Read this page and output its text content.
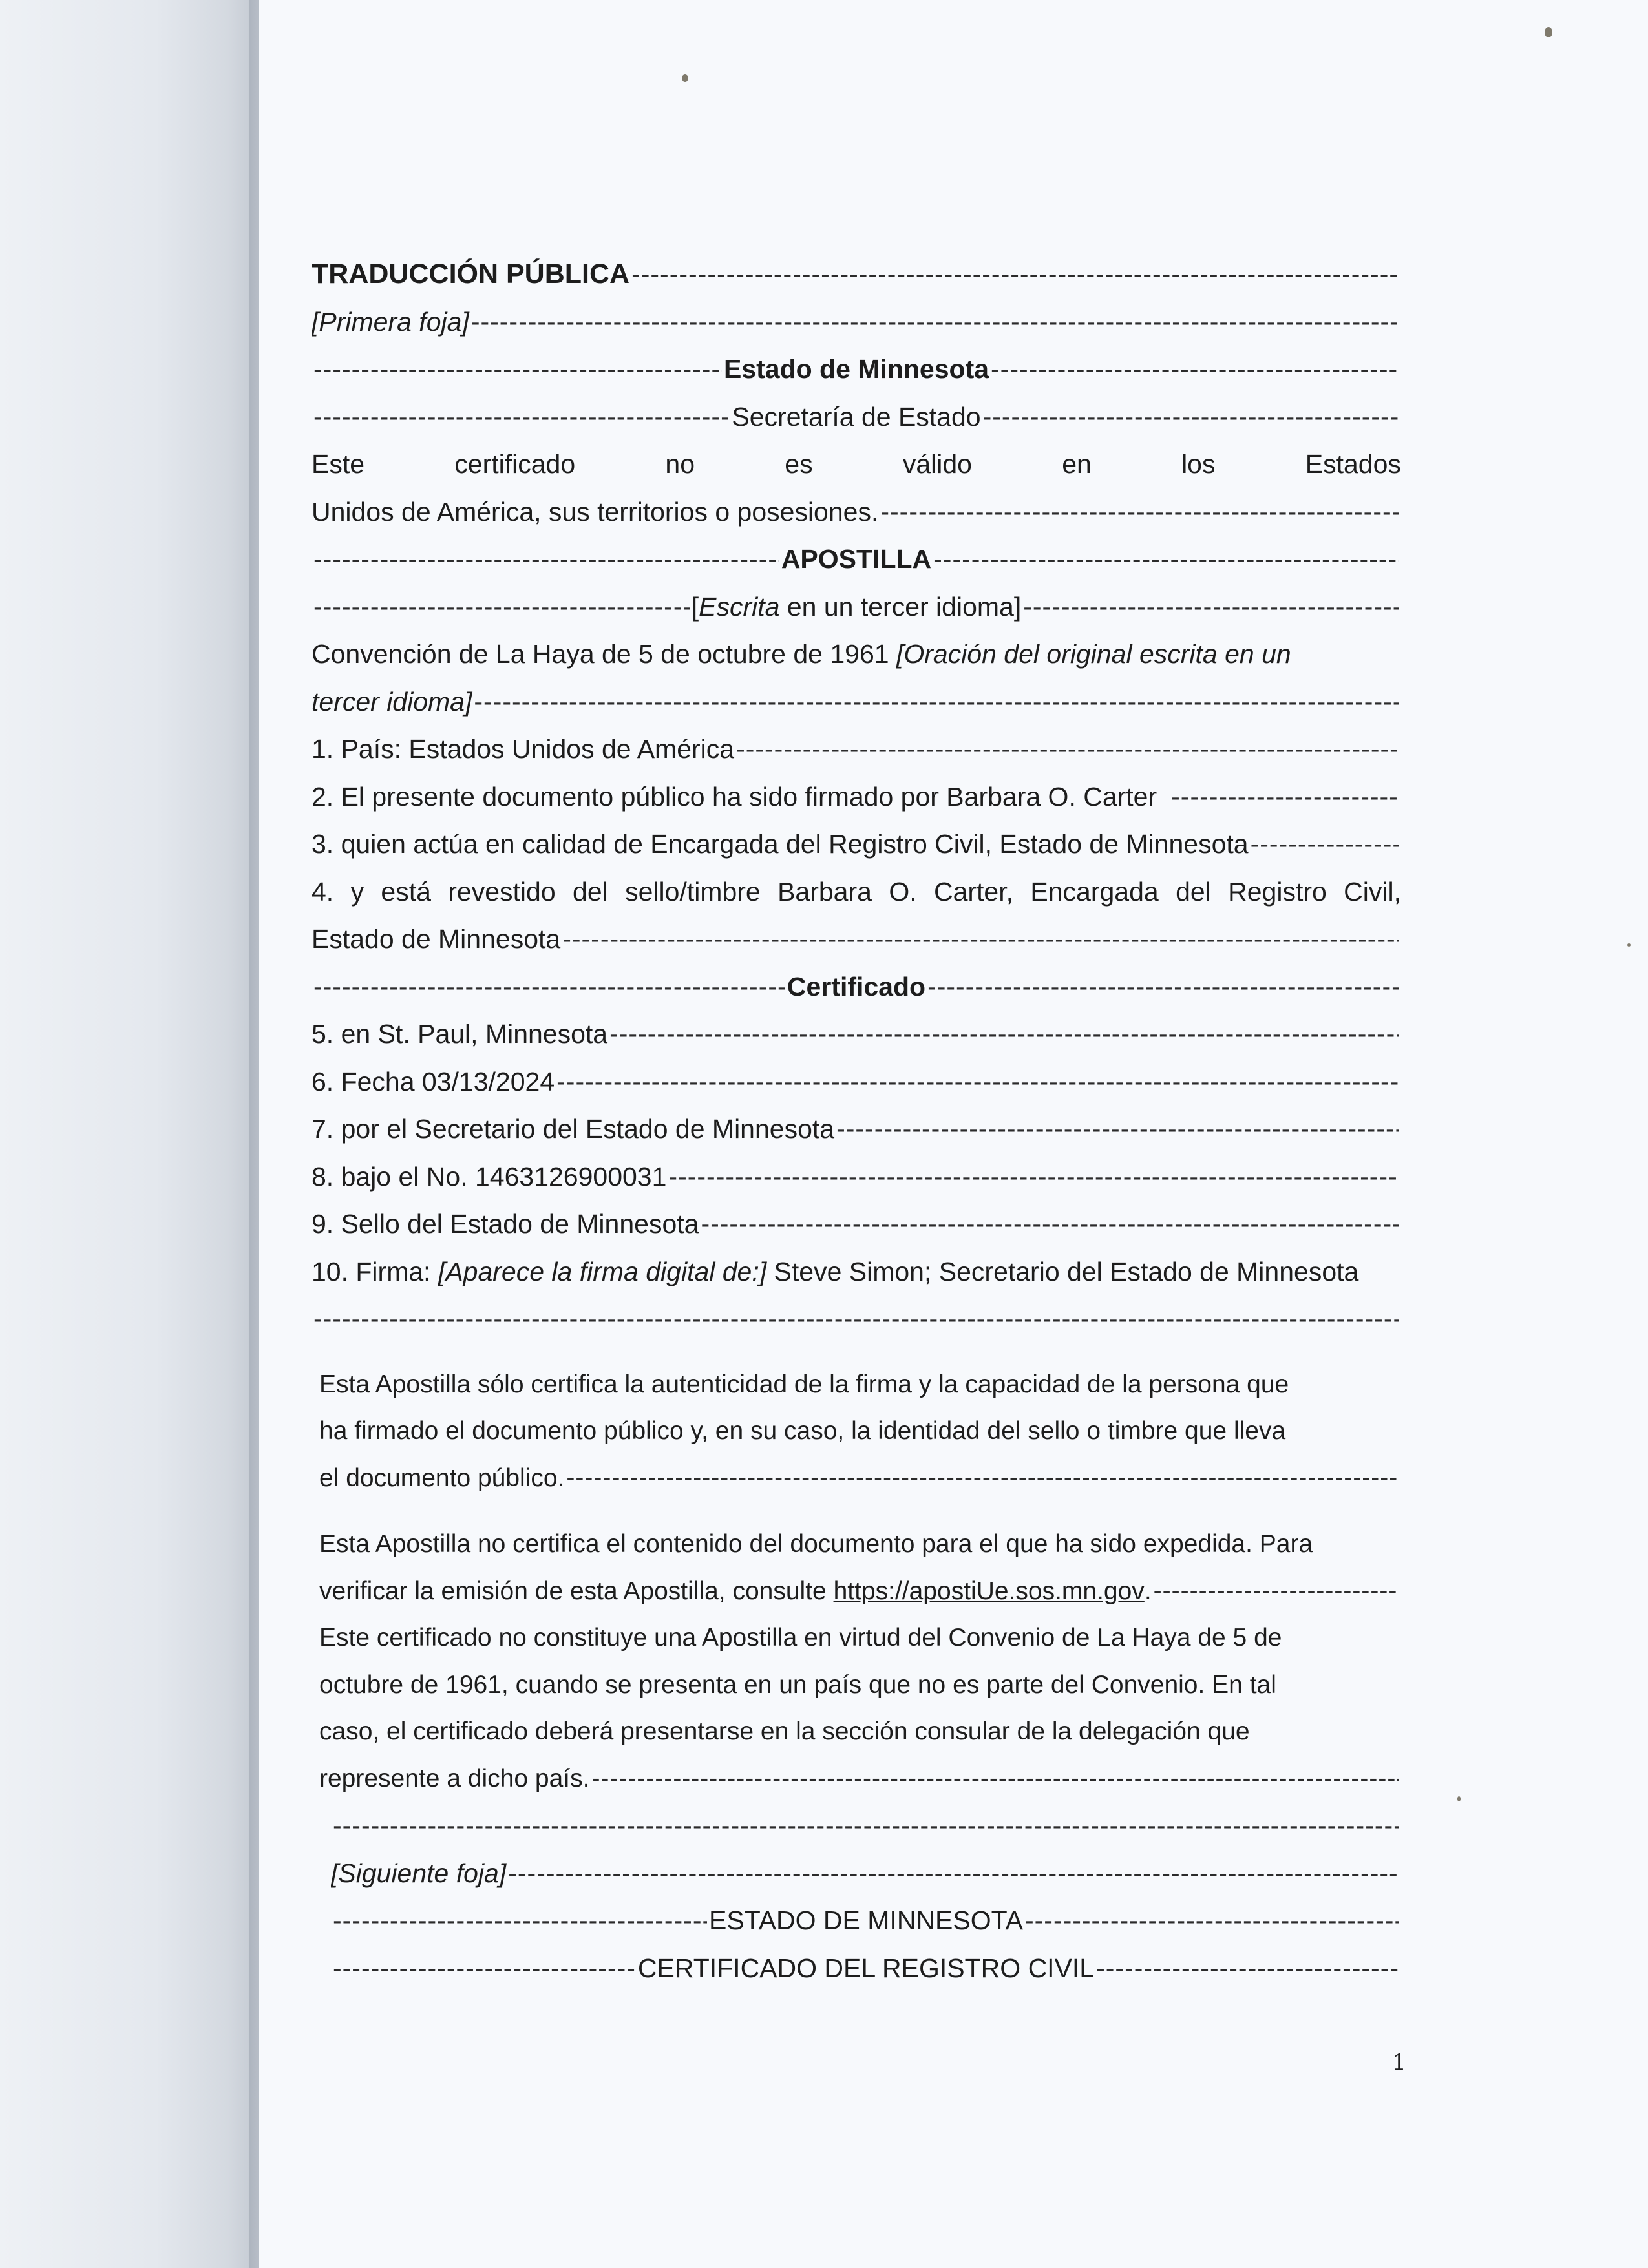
TRADUCCIÓN PÚBLICA
-----
[Primera foja]
-----
-----
Estado de Minnesota
-----
-----
Secretaría de Estado
-----
Este	certificado	no	es	válido	en	los	Estados
Unidos de América, sus territorios o posesiones.
-----
-----
APOSTILLA
-----
-----
[Escrita en un tercer idioma]
-----
Convención de La Haya de 5 de octubre de 1961 [Oración del original escrita en un
tercer idioma]
-----
1. País: Estados Unidos de América
-----
2. El presente documento público ha sido firmado por Barbara O. Carter
-----
3. quien actúa en calidad de Encargada del Registro Civil, Estado de Minnesota
-----
4. y está revestido del sello/timbre Barbara O. Carter, Encargada del Registro Civil,
Estado de Minnesota
-----
-----
Certificado
-----
5. en St. Paul, Minnesota
-----
6. Fecha 03/13/2024
-----
7. por el Secretario del Estado de Minnesota
-----
8. bajo el No. 1463126900031
-----
9. Sello del Estado de Minnesota
-----
10. Firma: [Aparece la firma digital de:] Steve Simon; Secretario del Estado de Minnesota
-----
Esta Apostilla sólo certifica la autenticidad de la firma y la capacidad de la persona que
ha firmado el documento público y, en su caso, la identidad del sello o timbre que lleva
el documento público.
-----
Esta Apostilla no certifica el contenido del documento para el que ha sido expedida. Para
verificar la emisión de esta Apostilla, consulte https://apostiUe.sos.mn.gov .
-----
Este certificado no constituye una Apostilla en virtud del Convenio de La Haya de 5 de
octubre de 1961, cuando se presenta en un país que no es parte del Convenio. En tal
caso, el certificado deberá presentarse en la sección consular de la delegación que
represente a dicho país.
-----
-----
[Siguiente foja]
-----
-----
ESTADO DE MINNESOTA
-----
-----
CERTIFICADO DEL REGISTRO CIVIL
-----
1
